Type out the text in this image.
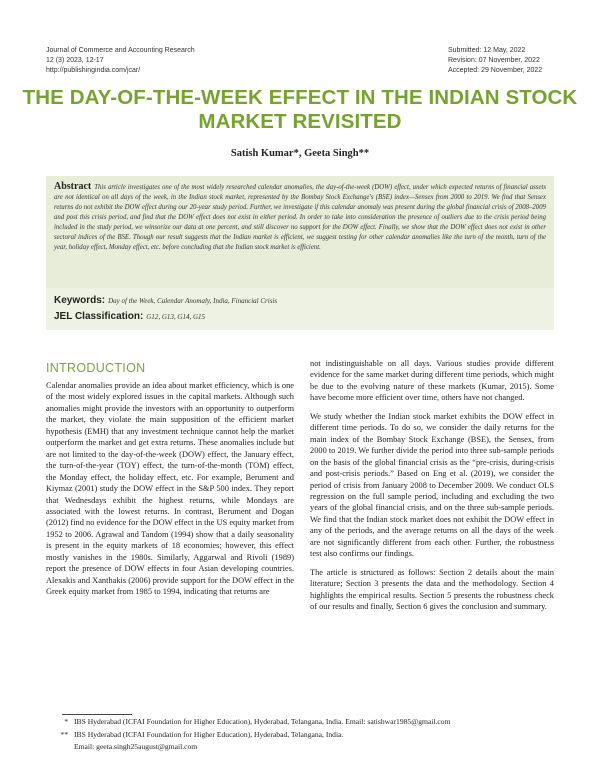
Journal of Commerce and Accounting Research
12 (3) 2023, 12-17
http://publishingindia.com/jcar/
Submitted: 12 May, 2022
Revision: 07 November, 2022
Accepted: 29 November, 2022
THE DAY-OF-THE-WEEK EFFECT IN THE INDIAN STOCK MARKET REVISITED
Satish Kumar*, Geeta Singh**
Abstract This article investigates one of the most widely researched calendar anomalies, the day-of-the-week (DOW) effect, under which expected returns of financial assets are not identical on all days of the week, in the Indian stock market, represented by the Bombay Stock Exchange's (BSE) index—Sensex from 2000 to 2019. We find that Sensex returns do not exhibit the DOW effect during our 20-year study period. Further, we investigate if this calendar anomaly was present during the global financial crisis of 2008–2009 and post this crisis period, and find that the DOW effect does not exist in either period. In order to take into consideration the presence of outliers due to the crisis period being included in the study period, we winsorize our data at one percent, and still discover no support for the DOW effect. Finally, we show that the DOW effect does not exist in other sectoral indices of the BSE. Though our result suggests that the Indian market is efficient, we suggest testing for other calendar anomalies like the turn of the month, turn of the year, holiday effect, Monday effect, etc. before concluding that the Indian stock market is efficient.
Keywords: Day of the Week, Calendar Anomaly, India, Financial Crisis
JEL Classification: G12, G13, G14, G15
INTRODUCTION

Calendar anomalies provide an idea about market efficiency, which is one of the most widely explored issues in the capital markets. Although such anomalies might provide the investors with an opportunity to outperform the market, they violate the main supposition of the efficient market hypothesis (EMH) that any investment technique cannot help the market outperform the market and get extra returns. These anomalies include but are not limited to the day-of-the-week (DOW) effect, the January effect, the turn-of-the-year (TOY) effect, the turn-of-the-month (TOM) effect, the Monday effect, the holiday effect, etc. For example, Berument and Kiymaz (2001) study the DOW effect in the S&P 500 index. They report that Wednesdays exhibit the highest returns, while Mondays are associated with the lowest returns. In contrast, Berument and Dogan (2012) find no evidence for the DOW effect in the US equity market from 1952 to 2006. Agrawal and Tandom (1994) show that a daily seasonality is present in the equity markets of 18 economies; however, this effect mostly vanishes in the 1980s. Similarly, Aggarwal and Rivoli (1989) report the presence of DOW effects in four Asian developing countries. Alexakis and Xanthakis (2006) provide support for the DOW effect in the Greek equity market from 1985 to 1994, indicating that returns are

not indistinguishable on all days. Various studies provide different evidence for the same market during different time periods, which might be due to the evolving nature of these markets (Kumar, 2015). Some have become more efficient over time, others have not changed.

We study whether the Indian stock market exhibits the DOW effect in different time periods. To do so, we consider the daily returns for the main index of the Bombay Stock Exchange (BSE), the Sensex, from 2000 to 2019. We further divide the period into three sub-sample periods on the basis of the global financial crisis as the “pre-crisis, during-crisis and post-crisis periods.” Based on Eng et al. (2019), we consider the period of crisis from January 2008 to December 2009. We conduct OLS regression on the full sample period, including and excluding the two years of the global financial crisis, and on the three sub-sample periods. We find that the Indian stock market does not exhibit the DOW effect in any of the periods, and the average returns on all the days of the week are not significantly different from each other. Further, the robustness test also confirms our findings.

The article is structured as follows: Section 2 details about the main literature; Section 3 presents the data and the methodology. Section 4 highlights the empirical results. Section 5 presents the robustness check of our results and finally, Section 6 gives the conclusion and summary.

* IBS Hyderabad (ICFAI Foundation for Higher Education), Hyderabad, Telangana, India. Email: satishwar1985@gmail.com
** IBS Hyderabad (ICFAI Foundation for Higher Education), Hyderabad, Telangana, India.
Email: geeta.singh25august@gmail.com
